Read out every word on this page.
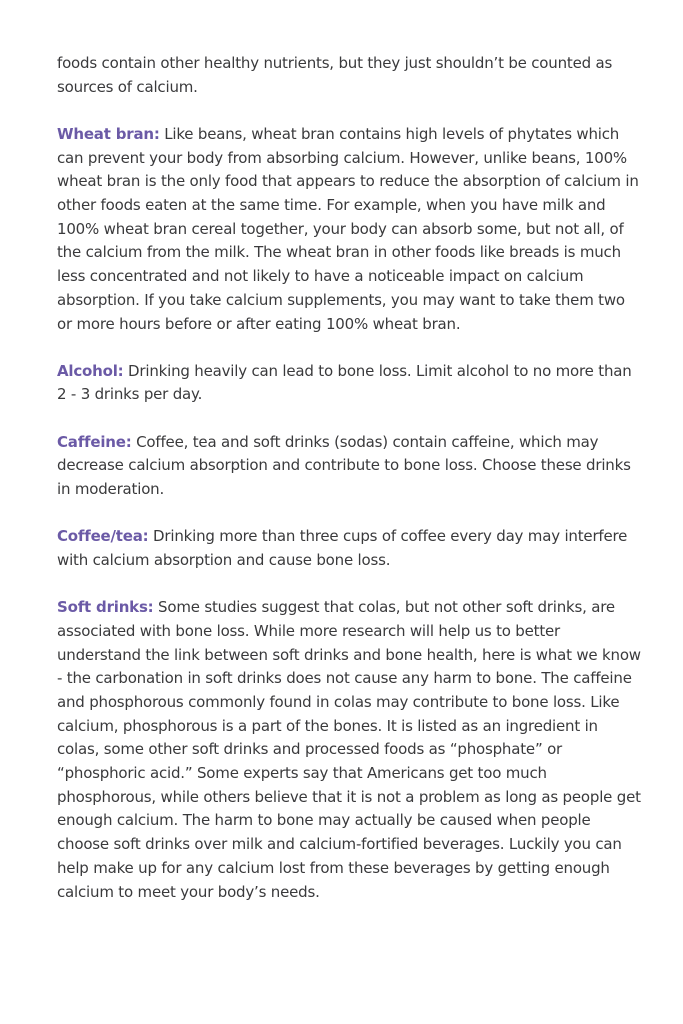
foods contain other healthy nutrients, but they just shouldn’t be counted as sources of calcium.

Wheat bran: Like beans, wheat bran contains high levels of phytates which can prevent your body from absorbing calcium. However, unlike beans, 100% wheat bran is the only food that appears to reduce the absorption of calcium in other foods eaten at the same time. For example, when you have milk and 100% wheat bran cereal together, your body can absorb some, but not all, of the calcium from the milk. The wheat bran in other foods like breads is much less concentrated and not likely to have a noticeable impact on calcium absorption. If you take calcium supplements, you may want to take them two or more hours before or after eating 100% wheat bran.

Alcohol: Drinking heavily can lead to bone loss. Limit alcohol to no more than 2 - 3 drinks per day.

Caffeine: Coffee, tea and soft drinks (sodas) contain caffeine, which may decrease calcium absorption and contribute to bone loss. Choose these drinks in moderation.

Coffee/tea: Drinking more than three cups of coffee every day may interfere with calcium absorption and cause bone loss.

Soft drinks: Some studies suggest that colas, but not other soft drinks, are associated with bone loss. While more research will help us to better understand the link between soft drinks and bone health, here is what we know - the carbonation in soft drinks does not cause any harm to bone. The caffeine and phosphorous commonly found in colas may contribute to bone loss. Like calcium, phosphorous is a part of the bones. It is listed as an ingredient in colas, some other soft drinks and processed foods as “phosphate” or “phosphoric acid.” Some experts say that Americans get too much phosphorous, while others believe that it is not a problem as long as people get enough calcium. The harm to bone may actually be caused when people choose soft drinks over milk and calcium-fortified beverages. Luckily you can help make up for any calcium lost from these beverages by getting enough calcium to meet your body’s needs.
